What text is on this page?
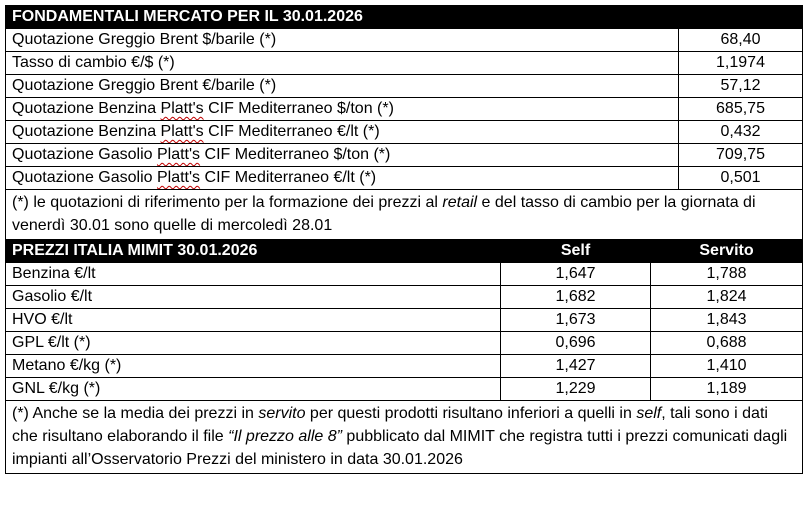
FONDAMENTALI MERCATO PER IL 30.01.2026	
Quotazione Greggio Brent $/barile (*)	68,40
Tasso di cambio €/$ (*)	1,1974
Quotazione Greggio Brent €/barile (*)	57,12
Quotazione Benzina Platt's CIF Mediterraneo $/ton (*)	685,75
Quotazione Benzina Platt's CIF Mediterraneo €/lt (*)	0,432
Quotazione Gasolio Platt's CIF Mediterraneo $/ton (*)	709,75
Quotazione Gasolio Platt's CIF Mediterraneo €/lt (*)	0,501
(*) le quotazioni di riferimento per la formazione dei prezzi al retail e del tasso di cambio per la giornata di venerdì 30.01 sono quelle di mercoledì 28.01	
PREZZI ITALIA MIMIT 30.01.2026	Self	Servito
Benzina €/lt	1,647	1,788
Gasolio €/lt	1,682	1,824
HVO €/lt	1,673	1,843
GPL €/lt (*)	0,696	0,688
Metano €/kg (*)	1,427	1,410
GNL €/kg (*)	1,229	1,189
(*) Anche se la media dei prezzi in servito per questi prodotti risultano inferiori a quelli in self, tali sono i dati che risultano elaborando il file “Il prezzo alle 8” pubblicato dal MIMIT che registra tutti i prezzi comunicati dagli impianti all’Osservatorio Prezzi del ministero in data 30.01.2026		
